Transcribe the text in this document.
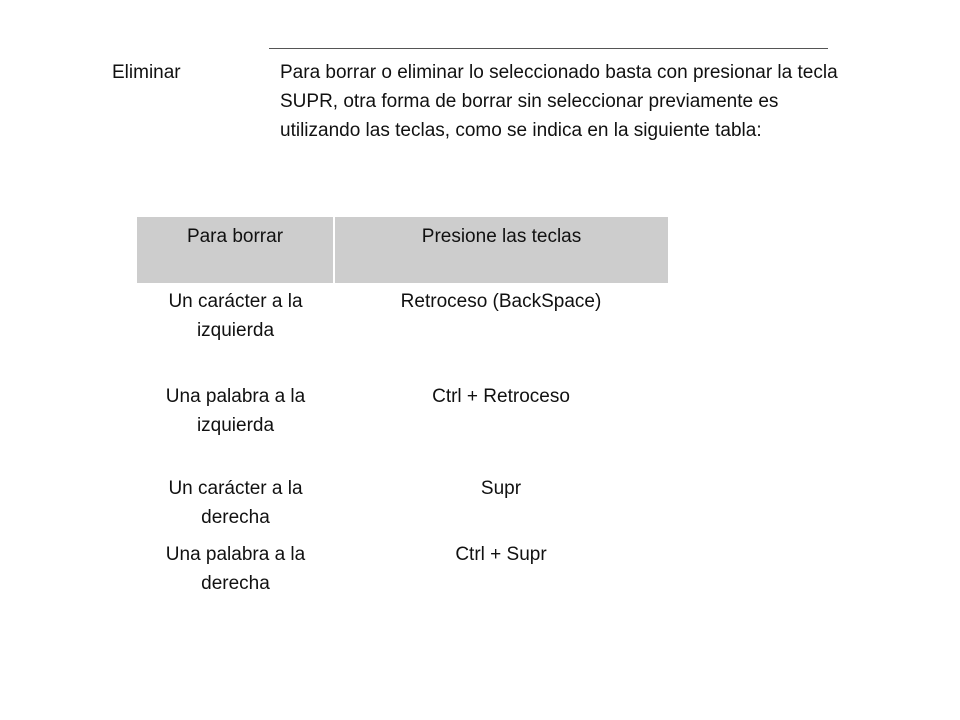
Eliminar	Para borrar o eliminar lo seleccionado basta con presionar la tecla SUPR, otra forma de borrar sin seleccionar previamente es utilizando las teclas, como se indica en la siguiente tabla:
Para borrar	Presione las teclas
Un carácter a la izquierda	Retroceso (BackSpace)
Una palabra a la izquierda	Ctrl + Retroceso
Un carácter a la derecha	Supr
Una palabra a la derecha	Ctrl + Supr
